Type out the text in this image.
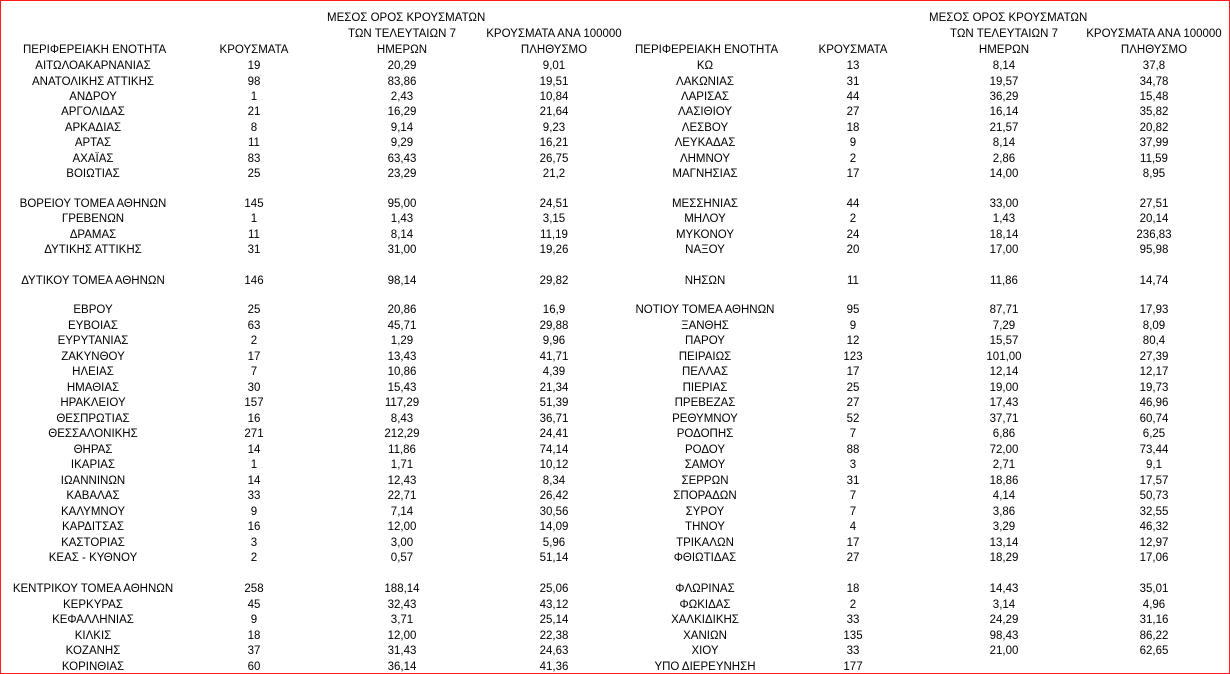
ΠΕΡΙΦΕΡΕΙΑΚΗ ΕΝΟΤΗΤΑ	ΚΡΟΥΣΜΑΤΑ
ΜΕΣΟΣ ΟΡΟΣ ΚΡΟΥΣΜΑΤΩΝ
ΤΩΝ ΤΕΛΕΥΤΑΙΩΝ 7
ΗΜΕΡΩΝ
ΚΡΟΥΣΜΑΤΑ ΑΝΑ 100000
ΠΛΗΘΥΣΜΟ	ΠΕΡΙΦΕΡΕΙΑΚΗ ΕΝΟΤΗΤΑ	ΚΡΟΥΣΜΑΤΑ
ΜΕΣΟΣ ΟΡΟΣ ΚΡΟΥΣΜΑΤΩΝ
ΤΩΝ ΤΕΛΕΥΤΑΙΩΝ 7
ΗΜΕΡΩΝ
ΚΡΟΥΣΜΑΤΑ ΑΝΑ 100000
ΠΛΗΘΥΣΜΟ
ΑΙΤΩΛΟΑΚΑΡΝΑΝΙΑΣ	19	20,29	9,01
ΑΝΑΤΟΛΙΚΗΣ ΑΤΤΙΚΗΣ	98	83,86	19,51
ΑΝΔΡΟΥ	1	2,43	10,84
ΑΡΓΟΛΙΔΑΣ	21	16,29	21,64
ΑΡΚΑΔΙΑΣ	8	9,14	9,23
ΑΡΤΑΣ	11	9,29	16,21
ΑΧΑΪΑΣ	83	63,43	26,75
ΒΟΙΩΤΙΑΣ	25	23,29	21,2
ΒΟΡΕΙΟΥ ΤΟΜΕΑ ΑΘΗΝΩΝ	145	95,00	24,51
ΓΡΕΒΕΝΩΝ	1	1,43	3,15
ΔΡΑΜΑΣ	11	8,14	11,19
ΔΥΤΙΚΗΣ ΑΤΤΙΚΗΣ	31	31,00	19,26
ΔΥΤΙΚΟΥ ΤΟΜΕΑ ΑΘΗΝΩΝ	146	98,14	29,82
ΕΒΡΟΥ	25	20,86	16,9
ΕΥΒΟΙΑΣ	63	45,71	29,88
ΕΥΡΥΤΑΝΙΑΣ	2	1,29	9,96
ΖΑΚΥΝΘΟΥ	17	13,43	41,71
ΗΛΕΙΑΣ	7	10,86	4,39
ΗΜΑΘΙΑΣ	30	15,43	21,34
ΗΡΑΚΛΕΙΟΥ	157	117,29	51,39
ΘΕΣΠΡΩΤΙΑΣ	16	8,43	36,71
ΘΕΣΣΑΛΟΝΙΚΗΣ	271	212,29	24,41
ΘΗΡΑΣ	14	11,86	74,14
ΙΚΑΡΙΑΣ	1	1,71	10,12
ΙΩΑΝΝΙΝΩΝ	14	12,43	8,34
ΚΑΒΑΛΑΣ	33	22,71	26,42
ΚΑΛΥΜΝΟΥ	9	7,14	30,56
ΚΑΡΔΙΤΣΑΣ	16	12,00	14,09
ΚΑΣΤΟΡΙΑΣ	3	3,00	5,96
ΚΕΑΣ - ΚΥΘΝΟΥ	2	0,57	51,14
ΚΕΝΤΡΙΚΟΥ ΤΟΜΕΑ ΑΘΗΝΩΝ	258	188,14	25,06
ΚΕΡΚΥΡΑΣ	45	32,43	43,12
ΚΕΦΑΛΛΗΝΙΑΣ	9	3,71	25,14
ΚΙΛΚΙΣ	18	12,00	22,38
ΚΟΖΑΝΗΣ	37	31,43	24,63
ΚΟΡΙΝΘΙΑΣ	60	36,14	41,36
ΚΩ	13	8,14	37,8
ΛΑΚΩΝΙΑΣ	31	19,57	34,78
ΛΑΡΙΣΑΣ	44	36,29	15,48
ΛΑΣΙΘΙΟΥ	27	16,14	35,82
ΛΕΣΒΟΥ	18	21,57	20,82
ΛΕΥΚΑΔΑΣ	9	8,14	37,99
ΛΗΜΝΟΥ	2	2,86	11,59
ΜΑΓΝΗΣΙΑΣ	17	14,00	8,95
ΜΕΣΣΗΝΙΑΣ	44	33,00	27,51
ΜΗΛΟΥ	2	1,43	20,14
ΜΥΚΟΝΟΥ	24	18,14	236,83
ΝΑΞΟΥ	20	17,00	95,98
ΝΗΣΩΝ	11	11,86	14,74
ΝΟΤΙΟΥ ΤΟΜΕΑ ΑΘΗΝΩΝ	95	87,71	17,93
ΞΑΝΘΗΣ	9	7,29	8,09
ΠΑΡΟΥ	12	15,57	80,4
ΠΕΙΡΑΙΩΣ	123	101,00	27,39
ΠΕΛΛΑΣ	17	12,14	12,17
ΠΙΕΡΙΑΣ	25	19,00	19,73
ΠΡΕΒΕΖΑΣ	27	17,43	46,96
ΡΕΘΥΜΝΟΥ	52	37,71	60,74
ΡΟΔΟΠΗΣ	7	6,86	6,25
ΡΟΔΟΥ	88	72,00	73,44
ΣΑΜΟΥ	3	2,71	9,1
ΣΕΡΡΩΝ	31	18,86	17,57
ΣΠΟΡΑΔΩΝ	7	4,14	50,73
ΣΥΡΟΥ	7	3,86	32,55
ΤΗΝΟΥ	4	3,29	46,32
ΤΡΙΚΑΛΩΝ	17	13,14	12,97
ΦΘΙΩΤΙΔΑΣ	27	18,29	17,06
ΦΛΩΡΙΝΑΣ	18	14,43	35,01
ΦΩΚΙΔΑΣ	2	3,14	4,96
ΧΑΛΚΙΔΙΚΗΣ	33	24,29	31,16
ΧΑΝΙΩΝ	135	98,43	86,22
ΧΙΟΥ	33	21,00	62,65
ΥΠΟ ΔΙΕΡΕΥΝΗΣΗ	177
